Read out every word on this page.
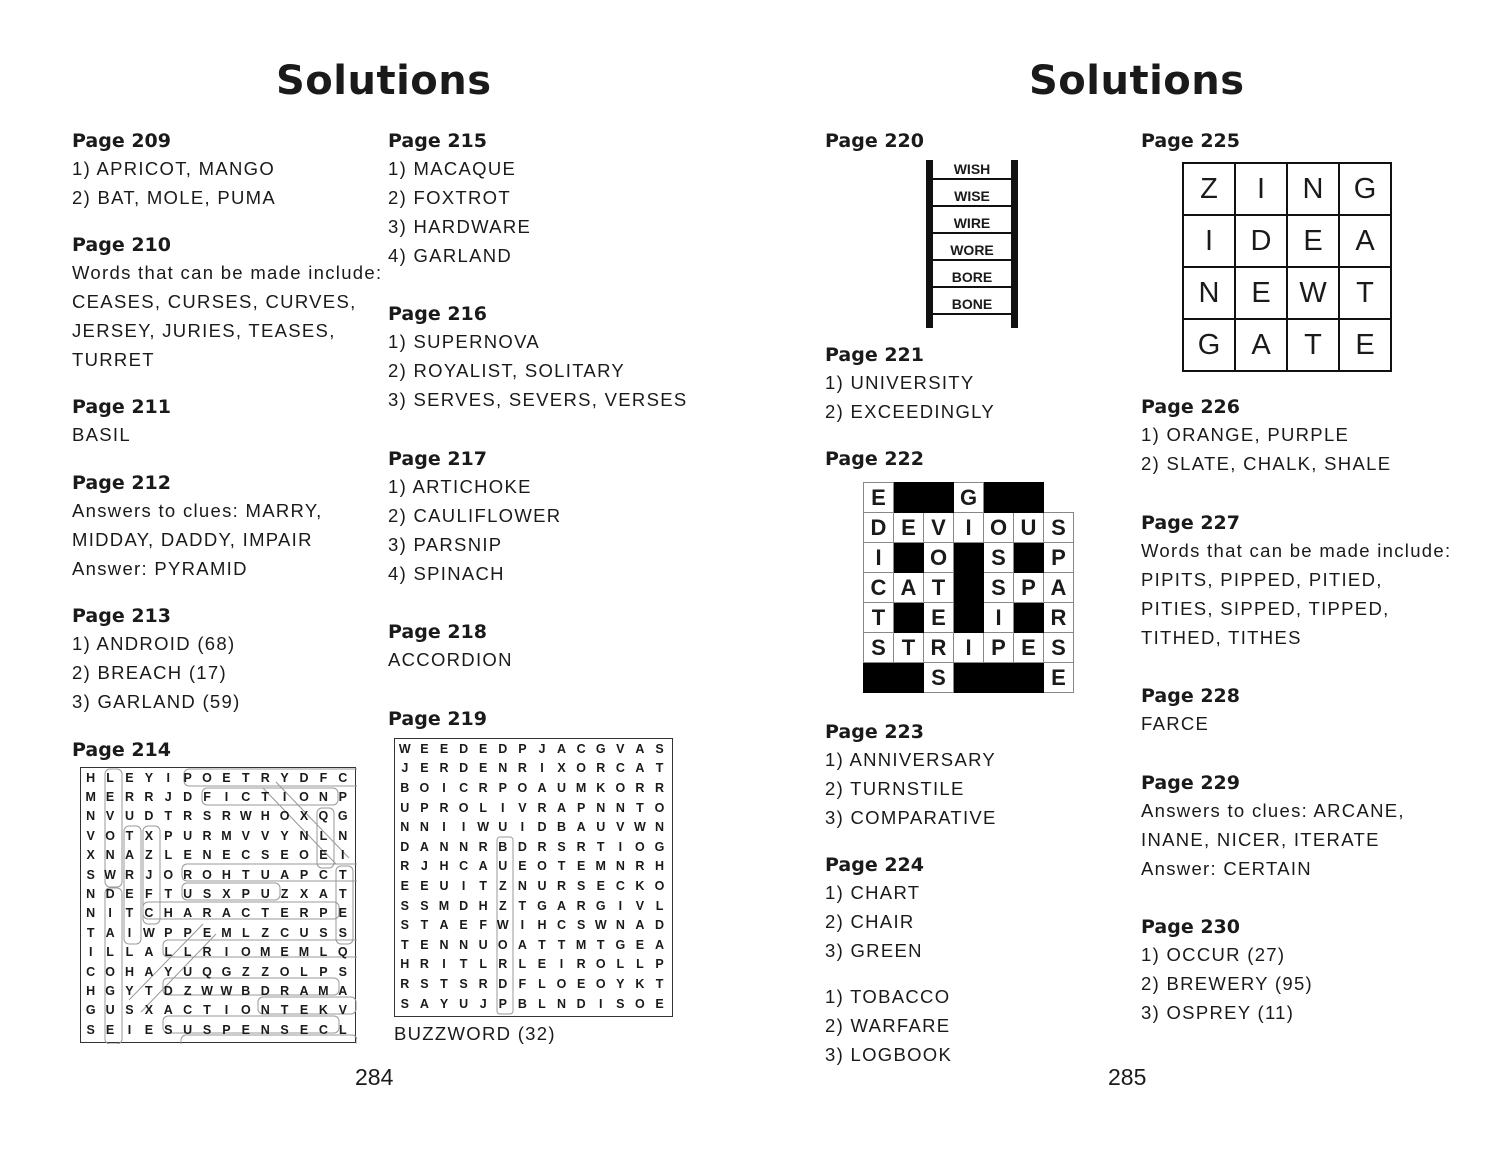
Solutions

Page 209

1) APRICOT, MANGO

2) BAT, MOLE, PUMA

Page 210

Words that can be made include:

CEASES, CURSES, CURVES,

JERSEY, JURIES, TEASES,

TURRET

Page 211

BASIL

Page 212

Answers to clues: MARRY,

MIDDAY, DADDY, IMPAIR

Answer: PYRAMID

Page 213

1) ANDROID (68)

2) BREACH (17)

3) GARLAND (59)

Page 214

H	L	E	Y	I	P	O	E	T	R	Y	D	F	C
M	E	R	R	J	D	F	I	C	T	I	O	N	P
N	V	U	D	T	R	S	R	W	H	O	X	Q	G
V	O	T	X	P	U	R	M	V	V	Y	N	L	N
X	N	A	Z	L	E	N	E	C	S	E	O	E	I
S	W	R	J	O	R	O	H	T	U	A	P	C	T
N	D	E	F	T	U	S	X	P	U	Z	X	A	T
N	I	T	C	H	A	R	A	C	T	E	R	P	E
T	A	I	W	P	P	E	M	L	Z	C	U	S	S
I	L	L	A	L	L	R	I	O	M	E	M	L	Q
C	O	H	A	Y	U	Q	G	Z	Z	O	L	P	S
H	G	Y	T	D	Z	W	W	B	D	R	A	M	A
G	U	S	X	A	C	T	I	O	N	T	E	K	V
S	E	I	E	S	U	S	P	E	N	S	E	C	L

Page 215

1) MACAQUE

2) FOXTROT

3) HARDWARE

4) GARLAND

Page 216

1) SUPERNOVA

2) ROYALIST, SOLITARY

3) SERVES, SEVERS, VERSES

Page 217

1) ARTICHOKE

2) CAULIFLOWER

3) PARSNIP

4) SPINACH

Page 218

ACCORDION

Page 219

W	E	E	D	E	D	P	J	A	C	G	V	A	S
J	E	R	D	E	N	R	I	X	O	R	C	A	T
B	O	I	C	R	P	O	A	U	M	K	O	R	R
U	P	R	O	L	I	V	R	A	P	N	N	T	O
N	N	I	I	W	U	I	D	B	A	U	V	W	N
D	A	N	N	R	B	D	R	S	R	T	I	O	G
R	J	H	C	A	U	E	O	T	E	M	N	R	H
E	E	U	I	T	Z	N	U	R	S	E	C	K	O
S	S	M	D	H	Z	T	G	A	R	G	I	V	L
S	T	A	E	F	W	I	H	C	S	W	N	A	D
T	E	N	N	U	O	A	T	T	M	T	G	E	A
H	R	I	T	L	R	L	E	I	R	O	L	L	P
R	S	T	S	R	D	F	L	O	E	O	Y	K	T
S	A	Y	U	J	P	B	L	N	D	I	S	O	E

BUZZWORD (32)

284
Solutions

Page 220

WISH
WISE
WIRE
WORE
BORE
BONE

Page 221

1) UNIVERSITY

2) EXCEEDINGLY

Page 222

E			G			
D	E	V	I	O	U	S
I		O		S		P
C	A	T		S	P	A
T		E		I		R
S	T	R	I	P	E	S
		S				E

Page 223

1) ANNIVERSARY

2) TURNSTILE

3) COMPARATIVE

Page 224

1) CHART

2) CHAIR

3) GREEN

1) TOBACCO

2) WARFARE

3) LOGBOOK

Page 225

Z	I	N	G
I	D	E	A
N	E	W	T
G	A	T	E

Page 226

1) ORANGE, PURPLE

2) SLATE, CHALK, SHALE

Page 227

Words that can be made include:

PIPITS, PIPPED, PITIED,

PITIES, SIPPED, TIPPED,

TITHED, TITHES

Page 228

FARCE

Page 229

Answers to clues: ARCANE,

INANE, NICER, ITERATE

Answer: CERTAIN

Page 230

1) OCCUR (27)

2) BREWERY (95)

3) OSPREY (11)

285
